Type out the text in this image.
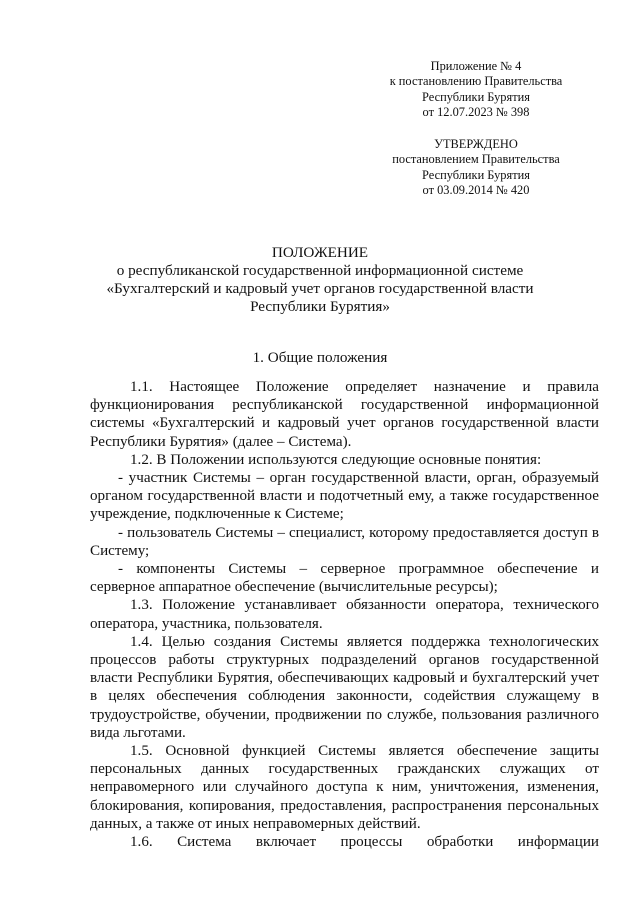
Приложение № 4
к постановлению Правительства
Республики Бурятия
от 12.07.2023 № 398
УТВЕРЖДЕНО
постановлением Правительства
Республики Бурятия
от 03.09.2014 № 420
ПОЛОЖЕНИЕ
о республиканской государственной информационной системе
«Бухгалтерский и кадровый учет органов государственной власти
Республики Бурятия»
1. Общие положения

1.1. Настоящее Положение определяет назначение и правила функционирования республиканской государственной информационной системы «Бухгалтерский и кадровый учет органов государственной власти Республики Бурятия» (далее – Система).

1.2. В Положении используются следующие основные понятия:

- участник Системы – орган государственной власти, орган, образуемый органом государственной власти и подотчетный ему, а также государственное учреждение, подключенные к Системе;

- пользователь Системы – специалист, которому предоставляется доступ в Систему;

- компоненты Системы – серверное программное обеспечение и серверное аппаратное обеспечение (вычислительные ресурсы);

1.3. Положение устанавливает обязанности оператора, технического оператора, участника, пользователя.

1.4. Целью создания Системы является поддержка технологических процессов работы структурных подразделений органов государственной власти Республики Бурятия, обеспечивающих кадровый и бухгалтерский учет в целях обеспечения соблюдения законности, содействия служащему в трудоустройстве, обучении, продвижении по службе, пользования различного вида льготами.

1.5. Основной функцией Системы является обеспечение защиты персональных данных государственных гражданских служащих от неправомерного или случайного доступа к ним, уничтожения, изменения, блокирования, копирования, предоставления, распространения персональных данных, а также от иных неправомерных действий.

1.6. Система включает процессы обработки информации
